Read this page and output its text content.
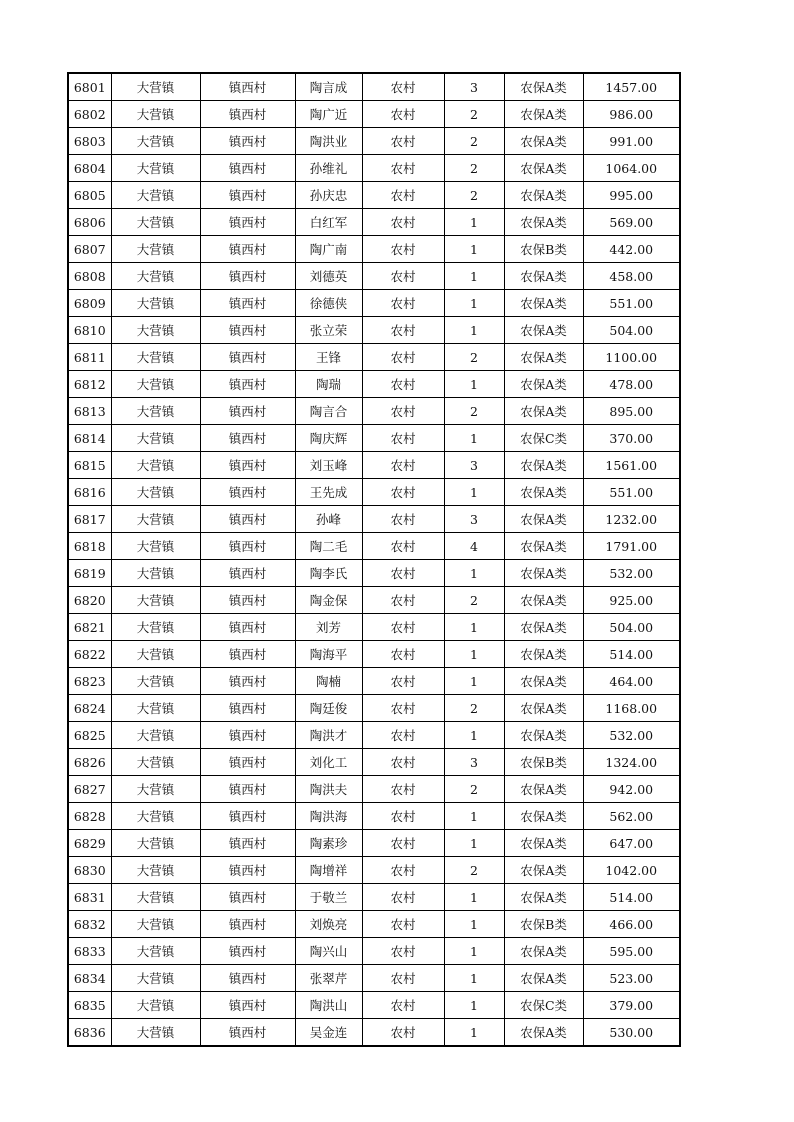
6801	大营镇	镇西村	陶言成	农村	3	农保A类	1457.00
6802	大营镇	镇西村	陶广近	农村	2	农保A类	986.00
6803	大营镇	镇西村	陶洪业	农村	2	农保A类	991.00
6804	大营镇	镇西村	孙维礼	农村	2	农保A类	1064.00
6805	大营镇	镇西村	孙庆忠	农村	2	农保A类	995.00
6806	大营镇	镇西村	白红军	农村	1	农保A类	569.00
6807	大营镇	镇西村	陶广南	农村	1	农保B类	442.00
6808	大营镇	镇西村	刘德英	农村	1	农保A类	458.00
6809	大营镇	镇西村	徐德侠	农村	1	农保A类	551.00
6810	大营镇	镇西村	张立荣	农村	1	农保A类	504.00
6811	大营镇	镇西村	王锋	农村	2	农保A类	1100.00
6812	大营镇	镇西村	陶瑞	农村	1	农保A类	478.00
6813	大营镇	镇西村	陶言合	农村	2	农保A类	895.00
6814	大营镇	镇西村	陶庆辉	农村	1	农保C类	370.00
6815	大营镇	镇西村	刘玉峰	农村	3	农保A类	1561.00
6816	大营镇	镇西村	王先成	农村	1	农保A类	551.00
6817	大营镇	镇西村	孙峰	农村	3	农保A类	1232.00
6818	大营镇	镇西村	陶二毛	农村	4	农保A类	1791.00
6819	大营镇	镇西村	陶李氏	农村	1	农保A类	532.00
6820	大营镇	镇西村	陶金保	农村	2	农保A类	925.00
6821	大营镇	镇西村	刘芳	农村	1	农保A类	504.00
6822	大营镇	镇西村	陶海平	农村	1	农保A类	514.00
6823	大营镇	镇西村	陶楠	农村	1	农保A类	464.00
6824	大营镇	镇西村	陶廷俊	农村	2	农保A类	1168.00
6825	大营镇	镇西村	陶洪才	农村	1	农保A类	532.00
6826	大营镇	镇西村	刘化工	农村	3	农保B类	1324.00
6827	大营镇	镇西村	陶洪夫	农村	2	农保A类	942.00
6828	大营镇	镇西村	陶洪海	农村	1	农保A类	562.00
6829	大营镇	镇西村	陶素珍	农村	1	农保A类	647.00
6830	大营镇	镇西村	陶增祥	农村	2	农保A类	1042.00
6831	大营镇	镇西村	于敬兰	农村	1	农保A类	514.00
6832	大营镇	镇西村	刘焕亮	农村	1	农保B类	466.00
6833	大营镇	镇西村	陶兴山	农村	1	农保A类	595.00
6834	大营镇	镇西村	张翠芹	农村	1	农保A类	523.00
6835	大营镇	镇西村	陶洪山	农村	1	农保C类	379.00
6836	大营镇	镇西村	吴金连	农村	1	农保A类	530.00
